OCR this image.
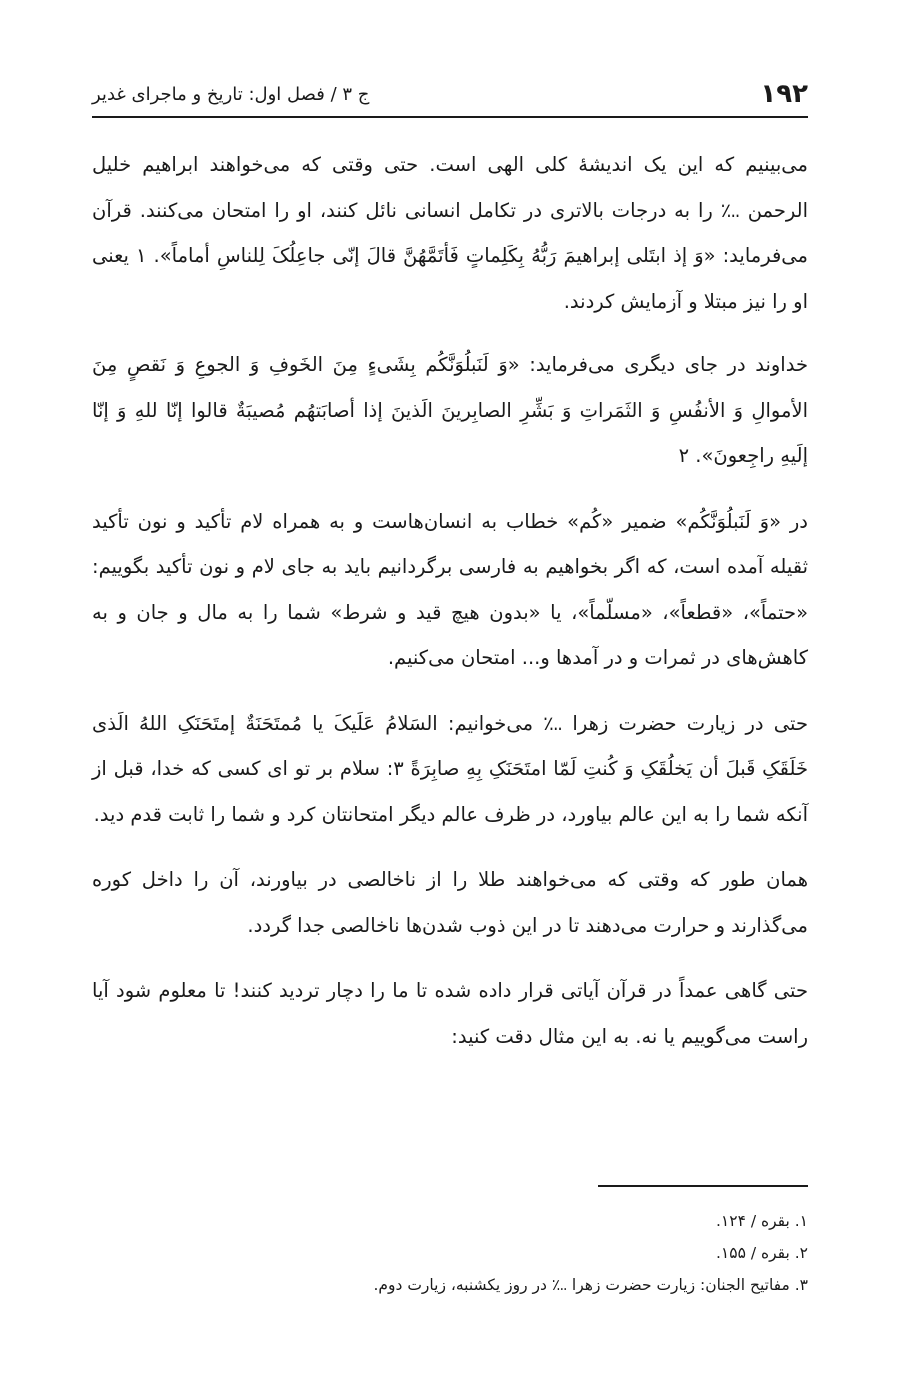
۱۹۲
ج ۳ / فصل اول: تاریخ و ماجرای غدیر

می‌بینیم که این یک اندیشهٔ کلی الهی است. حتی وقتی که می‌خواهند ابراهیم خلیل الرحمن ؊ را به درجات بالاتری در تکامل انسانی نائل کنند، او را امتحان می‌کنند. قرآن می‌فرماید: «وَ إذ ابتَلی إبراهیمَ رَبُّهُ بِکَلِماتٍ فَأتَمَّهُنَّ قالَ إنّی جاعِلُکَ لِلناسِ أماماً». ۱ یعنی او را نیز مبتلا و آزمایش کردند.

خداوند در جای دیگری می‌فرماید: «وَ لَنَبلُوَنَّکُم بِشَیءٍ مِنَ الخَوفِ وَ الجوعِ وَ نَقصٍ مِنَ الأموالِ وَ الأنفُسِ وَ الثَمَراتِ وَ بَشِّرِ الصابِرینَ الَذینَ إذا أصابَتهُم مُصیبَةٌ قالوا إنّا للهِ وَ إنّا إلَیهِ راجِعونَ». ۲

در «وَ لَنَبلُوَنَّکُم» ضمیر «کُم» خطاب به انسان‌هاست و به همراه لام تأکید و نون تأکید ثقیله آمده است، که اگر بخواهیم به فارسی برگردانیم باید به جای لام و نون تأکید بگوییم: «حتماً»، «قطعاً»، «مسلّماً»، یا «بدون هیچ قید و شرط» شما را به مال و جان و به کاهش‌های در ثمرات و در آمدها و... امتحان می‌کنیم.

حتی در زیارت حضرت زهرا ؊ می‌خوانیم: السَلامُ عَلَیکَ یا مُمتَحَنَةٌ إمتَحَنَکِ اللهُ الَذی خَلَقَکِ قَبلَ أن یَخلُقَکِ وَ کُنتِ لَمّا امتَحَنَکِ بِهِ صابِرَةً ۳: سلام بر تو ای کسی که خدا، قبل از آنکه شما را به این عالم بیاورد، در ظرف عالم دیگر امتحانتان کرد و شما را ثابت قدم دید.

همان طور که وقتی که می‌خواهند طلا را از ناخالصی در بیاورند، آن را داخل کوره می‌گذارند و حرارت می‌دهند تا در این ذوب شدن‌ها ناخالصی جدا گردد.

حتی گاهی عمداً در قرآن آیاتی قرار داده شده تا ما را دچار تردید کنند! تا معلوم شود آیا راست می‌گوییم یا نه. به این مثال دقت کنید:

۱. بقره / ۱۲۴.
۲. بقره / ۱۵۵.
۳. مفاتیح الجنان: زیارت حضرت زهرا ؊ در روز یکشنبه، زیارت دوم.
